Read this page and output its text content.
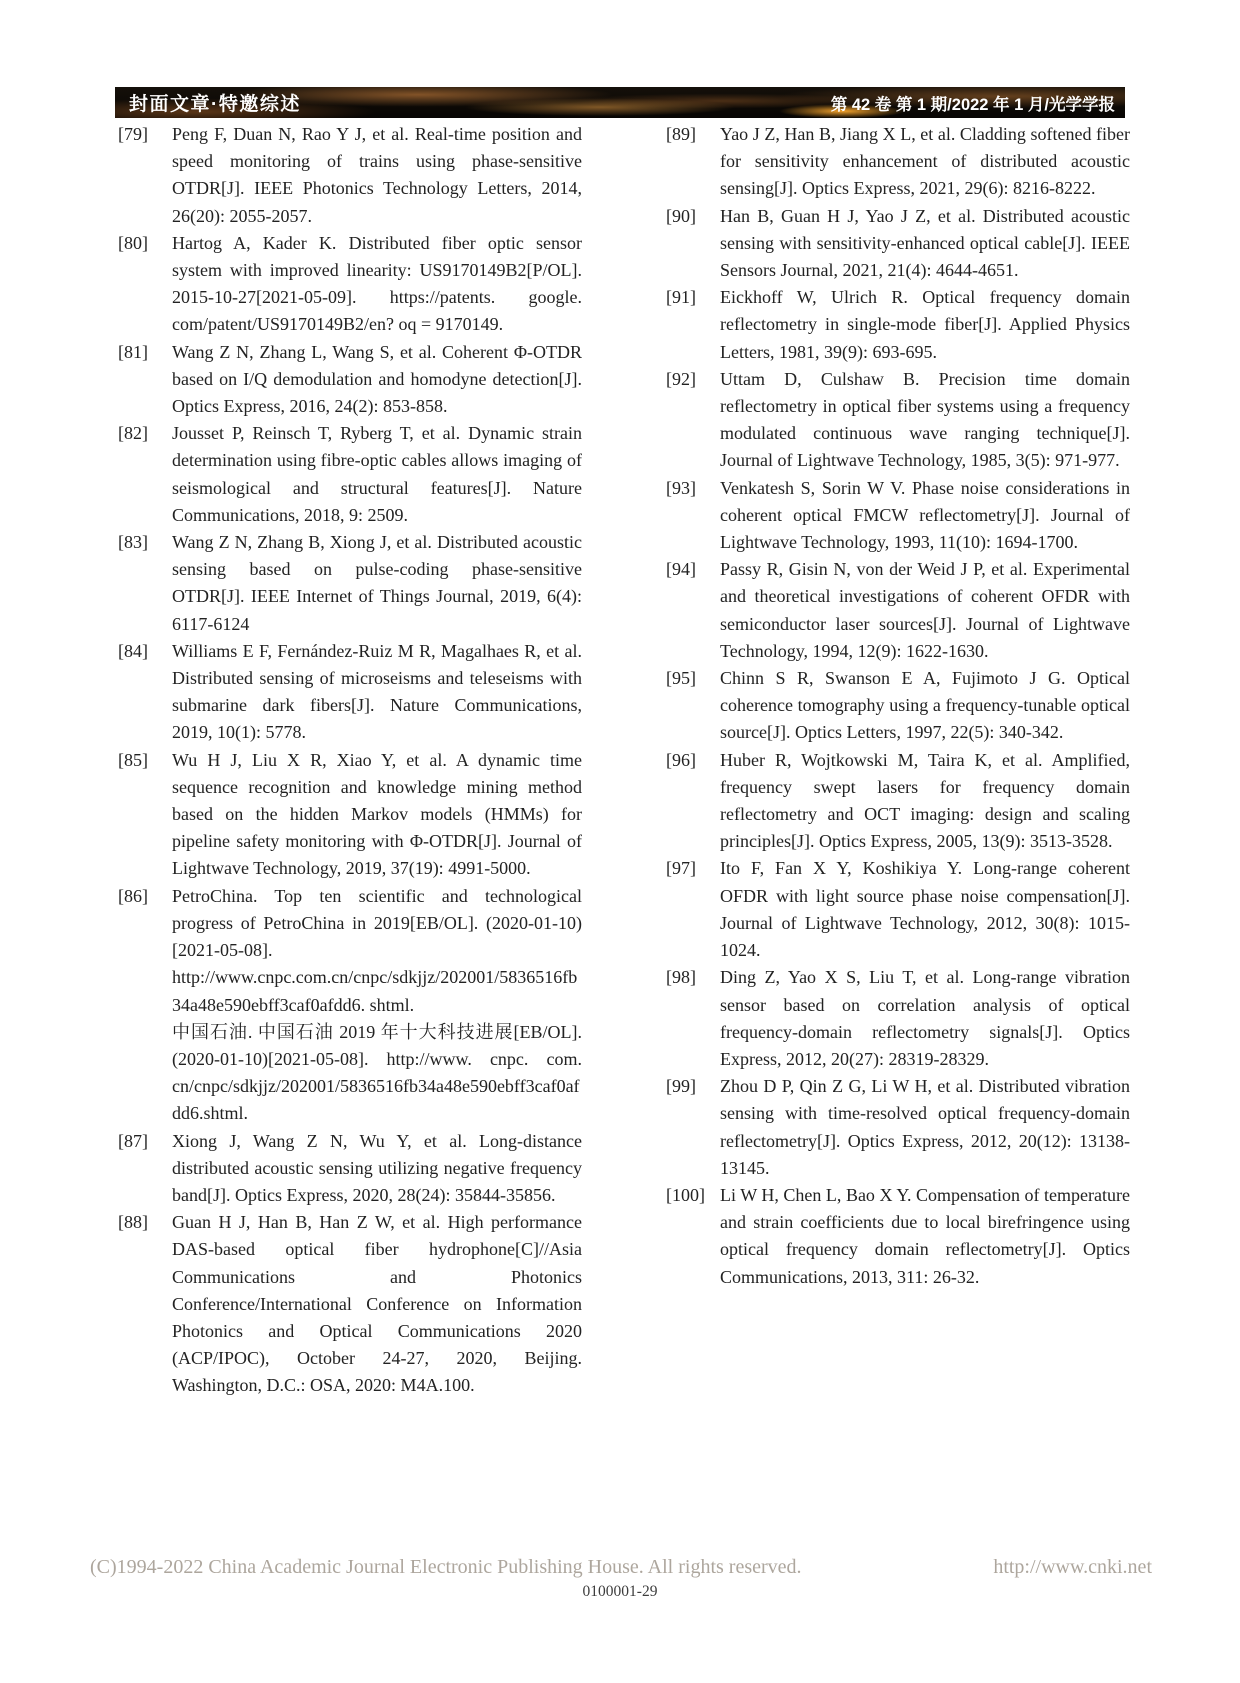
封面文章·特邀综述	第 42 卷 第 1 期/2022 年 1 月/光学学报
[79] Peng F, Duan N, Rao Y J, et al. Real-time position and speed monitoring of trains using phase-sensitive OTDR[J]. IEEE Photonics Technology Letters, 2014, 26(20): 2055-2057.

[80] Hartog A, Kader K. Distributed fiber optic sensor system with improved linearity: US9170149B2[P/OL]. 2015-10-27[2021-05-09]. https://patents. google. com/patent/US9170149B2/en? oq = 9170149.

[81] Wang Z N, Zhang L, Wang S, et al. Coherent Φ-OTDR based on I/Q demodulation and homodyne detection[J]. Optics Express, 2016, 24(2): 853-858.

[82] Jousset P, Reinsch T, Ryberg T, et al. Dynamic strain determination using fibre-optic cables allows imaging of seismological and structural features[J]. Nature Communications, 2018, 9: 2509.

[83] Wang Z N, Zhang B, Xiong J, et al. Distributed acoustic sensing based on pulse-coding phase-sensitive OTDR[J]. IEEE Internet of Things Journal, 2019, 6(4): 6117-6124

[84] Williams E F, Fernández-Ruiz M R, Magalhaes R, et al. Distributed sensing of microseisms and teleseisms with submarine dark fibers[J]. Nature Communications, 2019, 10(1): 5778.

[85] Wu H J, Liu X R, Xiao Y, et al. A dynamic time sequence recognition and knowledge mining method based on the hidden Markov models (HMMs) for pipeline safety monitoring with Φ-OTDR[J]. Journal of Lightwave Technology, 2019, 37(19): 4991-5000.

[86] PetroChina. Top ten scientific and technological progress of PetroChina in 2019[EB/OL]. (2020-01-10)[2021-05-08]. http://www.cnpc.com.cn/cnpc/sdkjjz/202001/5836516fb34a48e590ebff3caf0afdd6. shtml.

中国石油. 中国石油 2019 年十大科技进展[EB/OL]. (2020-01-10)[2021-05-08]. http://www. cnpc. com. cn/cnpc/sdkjjz/202001/5836516fb34a48e590ebff3caf0afdd6.shtml.

[87] Xiong J, Wang Z N, Wu Y, et al. Long-distance distributed acoustic sensing utilizing negative frequency band[J]. Optics Express, 2020, 28(24): 35844-35856.

[88] Guan H J, Han B, Han Z W, et al. High performance DAS-based optical fiber hydrophone[C]//Asia Communications and Photonics Conference/International Conference on Information Photonics and Optical Communications 2020 (ACP/IPOC), October 24-27, 2020, Beijing. Washington, D.C.: OSA, 2020: M4A.100.

[89] Yao J Z, Han B, Jiang X L, et al. Cladding softened fiber for sensitivity enhancement of distributed acoustic sensing[J]. Optics Express, 2021, 29(6): 8216-8222.

[90] Han B, Guan H J, Yao J Z, et al. Distributed acoustic sensing with sensitivity-enhanced optical cable[J]. IEEE Sensors Journal, 2021, 21(4): 4644-4651.

[91] Eickhoff W, Ulrich R. Optical frequency domain reflectometry in single-mode fiber[J]. Applied Physics Letters, 1981, 39(9): 693-695.

[92] Uttam D, Culshaw B. Precision time domain reflectometry in optical fiber systems using a frequency modulated continuous wave ranging technique[J]. Journal of Lightwave Technology, 1985, 3(5): 971-977.

[93] Venkatesh S, Sorin W V. Phase noise considerations in coherent optical FMCW reflectometry[J]. Journal of Lightwave Technology, 1993, 11(10): 1694-1700.

[94] Passy R, Gisin N, von der Weid J P, et al. Experimental and theoretical investigations of coherent OFDR with semiconductor laser sources[J]. Journal of Lightwave Technology, 1994, 12(9): 1622-1630.

[95] Chinn S R, Swanson E A, Fujimoto J G. Optical coherence tomography using a frequency-tunable optical source[J]. Optics Letters, 1997, 22(5): 340-342.

[96] Huber R, Wojtkowski M, Taira K, et al. Amplified, frequency swept lasers for frequency domain reflectometry and OCT imaging: design and scaling principles[J]. Optics Express, 2005, 13(9): 3513-3528.

[97] Ito F, Fan X Y, Koshikiya Y. Long-range coherent OFDR with light source phase noise compensation[J]. Journal of Lightwave Technology, 2012, 30(8): 1015-1024.

[98] Ding Z, Yao X S, Liu T, et al. Long-range vibration sensor based on correlation analysis of optical frequency-domain reflectometry signals[J]. Optics Express, 2012, 20(27): 28319-28329.

[99] Zhou D P, Qin Z G, Li W H, et al. Distributed vibration sensing with time-resolved optical frequency-domain reflectometry[J]. Optics Express, 2012, 20(12): 13138-13145.

[100] Li W H, Chen L, Bao X Y. Compensation of temperature and strain coefficients due to local birefringence using optical frequency domain reflectometry[J]. Optics Communications, 2013, 311: 26-32.

(C)1994-2022 China Academic Journal Electronic Publishing House. All rights reserved.	http://www.cnki.net
0100001-29
